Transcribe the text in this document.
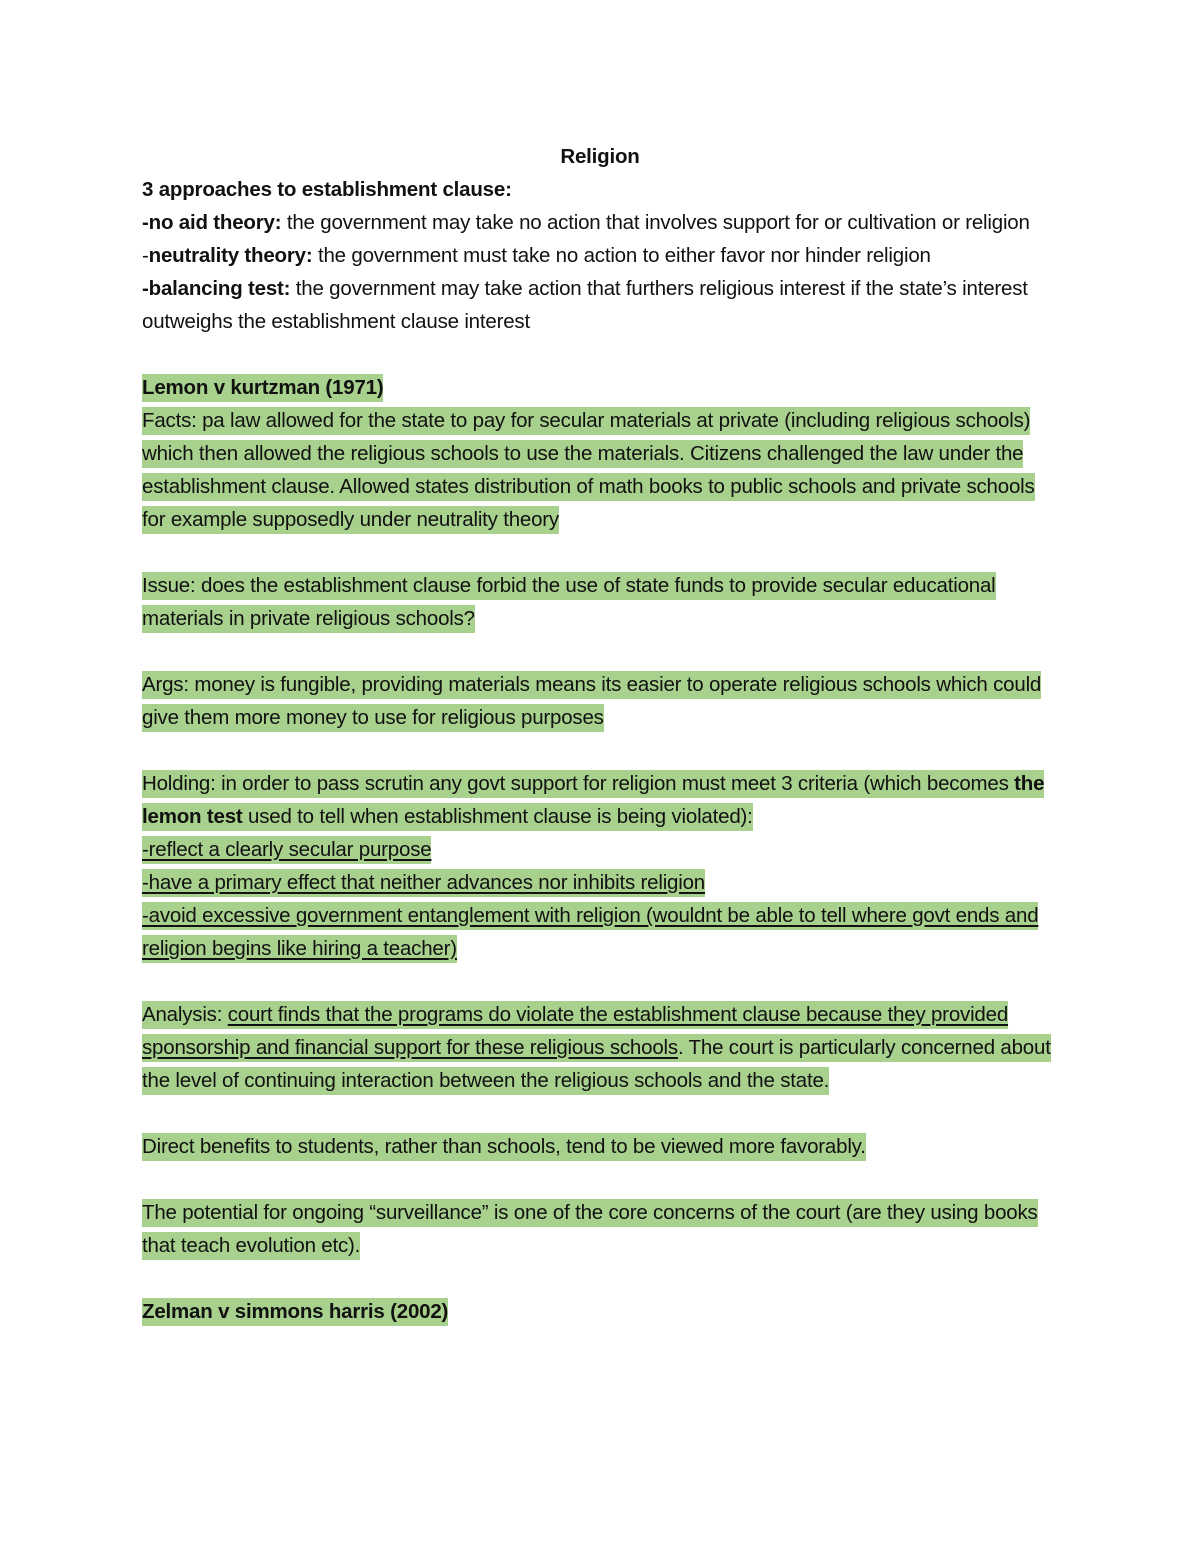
Religion

3 approaches to establishment clause:

-no aid theory: the government may take no action that involves support for or cultivation or religion

-neutrality theory: the government must take no action to either favor nor hinder religion

-balancing test: the government may take action that furthers religious interest if the state’s interest outweighs the establishment clause interest

Lemon v kurtzman (1971)

Facts: pa law allowed for the state to pay for secular materials at private (including religious schools) which then allowed the religious schools to use the materials. Citizens challenged the law under the establishment clause. Allowed states distribution of math books to public schools and private schools for example supposedly under neutrality theory

Issue: does the establishment clause forbid the use of state funds to provide secular educational materials in private religious schools?

Args: money is fungible, providing materials means its easier to operate religious schools which could give them more money to use for religious purposes

Holding: in order to pass scrutin any govt support for religion must meet 3 criteria (which becomes the lemon test used to tell when establishment clause is being violated):

-reflect a clearly secular purpose

-have a primary effect that neither advances nor inhibits religion

-avoid excessive government entanglement with religion (wouldnt be able to tell where govt ends and religion begins like hiring a teacher)

Analysis: court finds that the programs do violate the establishment clause because they provided sponsorship and financial support for these religious schools. The court is particularly concerned about the level of continuing interaction between the religious schools and the state.

Direct benefits to students, rather than schools, tend to be viewed more favorably.

The potential for ongoing “surveillance” is one of the core concerns of the court (are they using books that teach evolution etc).

Zelman v simmons harris (2002)
